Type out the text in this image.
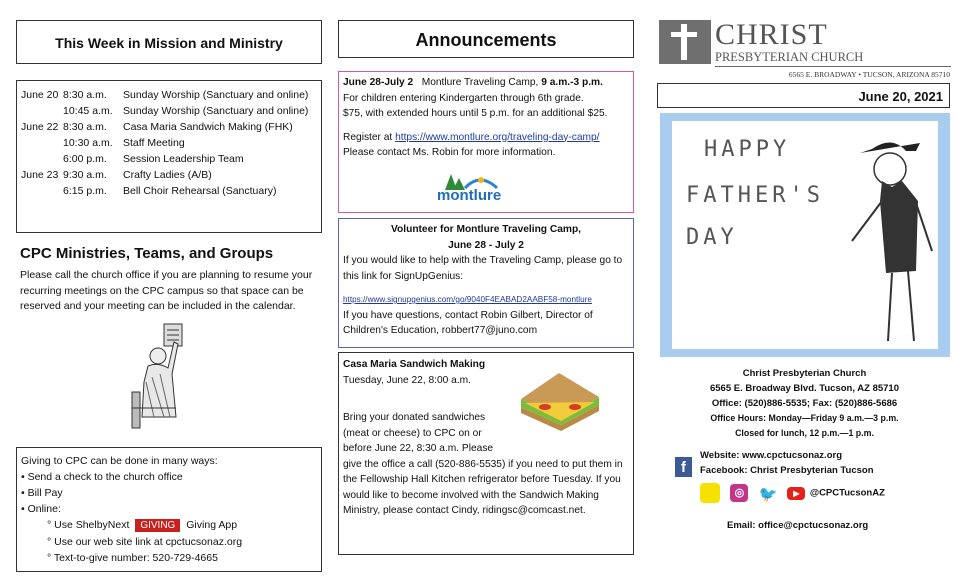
This Week in Mission and Ministry
June 20 8:30 a.m.	Sunday Worship (Sanctuary and online)
10:45 a.m. Sunday Worship (Sanctuary and online)
June 22 8:30 a.m.	Casa Maria Sandwich Making (FHK)
10:30 a.m. Staff Meeting
6:00 p.m.	Session Leadership Team
June 23 9:30 a.m.	Crafty Ladies (A/B)
6:15 p.m.	Bell Choir Rehearsal (Sanctuary)
CPC Ministries, Teams, and Groups
Please call the church office if you are planning to resume your recurring meetings on the CPC campus so that space can be reserved and your meeting can be included in the calendar.
Giving to CPC can be done in many ways:
• Send a check to the church office
• Bill Pay
• Online:
° Use ShelbyNext GIVING Giving App
° Use our web site link at cpctucsonaz.org
° Text-to-give number: 520-729-4665
Announcements
June 28-July 2 Montlure Traveling Camp, 9 a.m.-3 p.m.
For children entering Kindergarten through 6th grade.
$75, with extended hours until 5 p.m. for an additional $25.
Register at https://www.montlure.org/traveling-day-camp/
Please contact Ms. Robin for more information.
montlure
Volunteer for Montlure Traveling Camp,
June 28 - July 2
If you would like to help with the Traveling Camp, please go to this link for SignUpGenius:
https://www.signupgenius.com/go/9040F4EABAD2AABF58-montlure
If you have questions, contact Robin Gilbert, Director of Children's Education, robbert77@juno.com
Casa Maria Sandwich Making
Tuesday, June 22, 8:00 a.m.
Bring your donated sandwiches
(meat or cheese) to CPC on or
before June 22, 8:30 a.m. Please
give the office a call (520-886-5535) if you need to put them in the Fellowship Hall Kitchen refrigerator before Tuesday. If you would like to become involved with the Sandwich Making Ministry, please contact Cindy, ridingsc@comcast.net.
CHRIST
PRESBYTERIAN CHURCH
6565 E. BROADWAY • TUCSON, ARIZONA 85710
June 20, 2021
HAPPY
FATHER'S
DAY
Christ Presbyterian Church
6565 E. Broadway Blvd. Tucson, AZ 85710
Office: (520)886-5535; Fax: (520)886-5686
Office Hours: Monday—Friday 9 a.m.—3 p.m.
Closed for lunch, 12 p.m.—1 p.m.
f
Website: www.cpctucsonaz.org
Facebook: Christ Presbyterian Tucson
◎ 🐦 ▶ @CPCTucsonAZ
Email: office@cpctucsonaz.org
